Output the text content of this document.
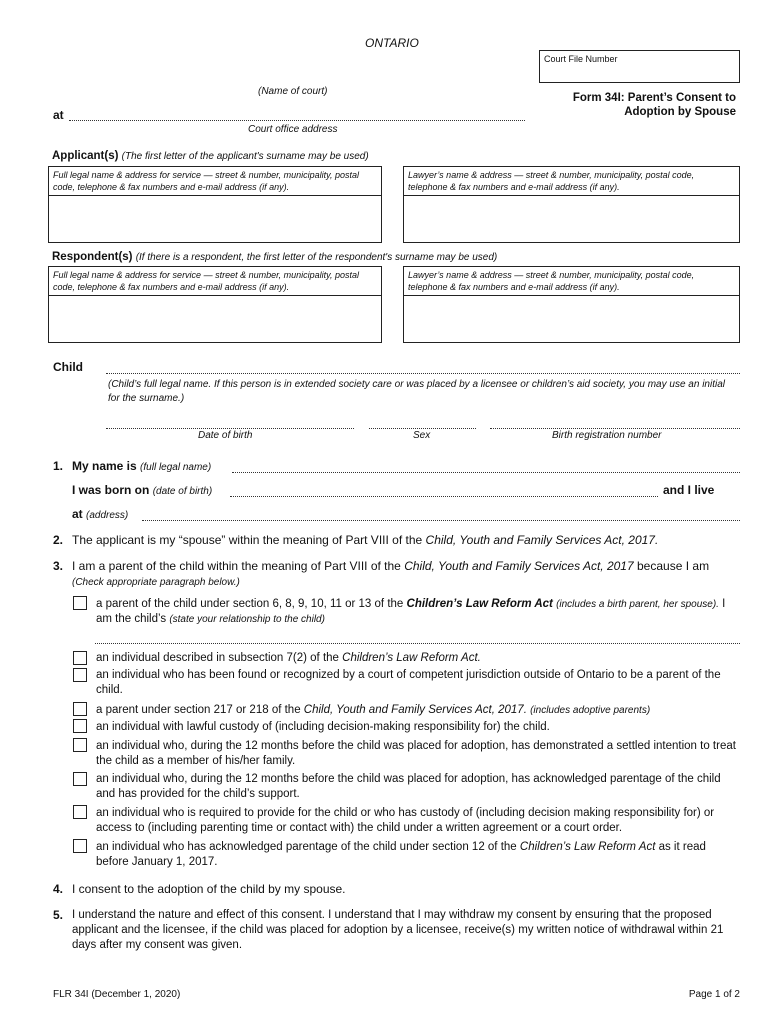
ONTARIO
Court File Number
(Name of court)
at
Court office address
Form 34I: Parent’s Consent to
Adoption by Spouse
Applicant(s) (The first letter of the applicant's surname may be used)
Full legal name & address for service — street & number, municipality, postal code, telephone & fax numbers and e-mail address (if any).
Lawyer’s name & address — street & number, municipality, postal code, telephone & fax numbers and e-mail address (if any).
Respondent(s) (If there is a respondent, the first letter of the respondent's surname may be used)
Full legal name & address for service — street & number, municipality, postal code, telephone & fax numbers and e-mail address (if any).
Lawyer’s name & address — street & number, municipality, postal code, telephone & fax numbers and e-mail address (if any).
Child
(Child’s full legal name. If this person is in extended society care or was placed by a licensee or children’s aid society, you may use an initial for the surname.)
Date of birth	Sex	Birth registration number
1. My name is (full legal name)
I was born on (date of birth)	and I live
at (address)
2. The applicant is my “spouse” within the meaning of Part VIII of the Child, Youth and Family Services Act, 2017.
3. I am a parent of the child within the meaning of Part VIII of the Child, Youth and Family Services Act, 2017 because I am (Check appropriate paragraph below.)
a parent of the child under section 6, 8, 9, 10, 11 or 13 of the Children’s Law Reform Act (includes a birth parent, her spouse). I am the child’s (state your relationship to the child)
an individual described in subsection 7(2) of the Children’s Law Reform Act.
an individual who has been found or recognized by a court of competent jurisdiction outside of Ontario to be a parent of the child.
a parent under section 217 or 218 of the Child, Youth and Family Services Act, 2017. (includes adoptive parents)
an individual with lawful custody of (including decision-making responsibility for) the child.
an individual who, during the 12 months before the child was placed for adoption, has demonstrated a settled intention to treat the child as a member of his/her family.
an individual who, during the 12 months before the child was placed for adoption, has acknowledged parentage of the child and has provided for the child’s support.
an individual who is required to provide for the child or who has custody of (including decision making responsibility for) or access to (including parenting time or contact with) the child under a written agreement or a court order.
an individual who has acknowledged parentage of the child under section 12 of the Children’s Law Reform Act as it read before January 1, 2017.
4. I consent to the adoption of the child by my spouse.
5. I understand the nature and effect of this consent. I understand that I may withdraw my consent by ensuring that the proposed applicant and the licensee, if the child was placed for adoption by a licensee, receive(s) my written notice of withdrawal within 21 days after my consent was given.
FLR 34I (December 1, 2020)	Page 1 of 2
